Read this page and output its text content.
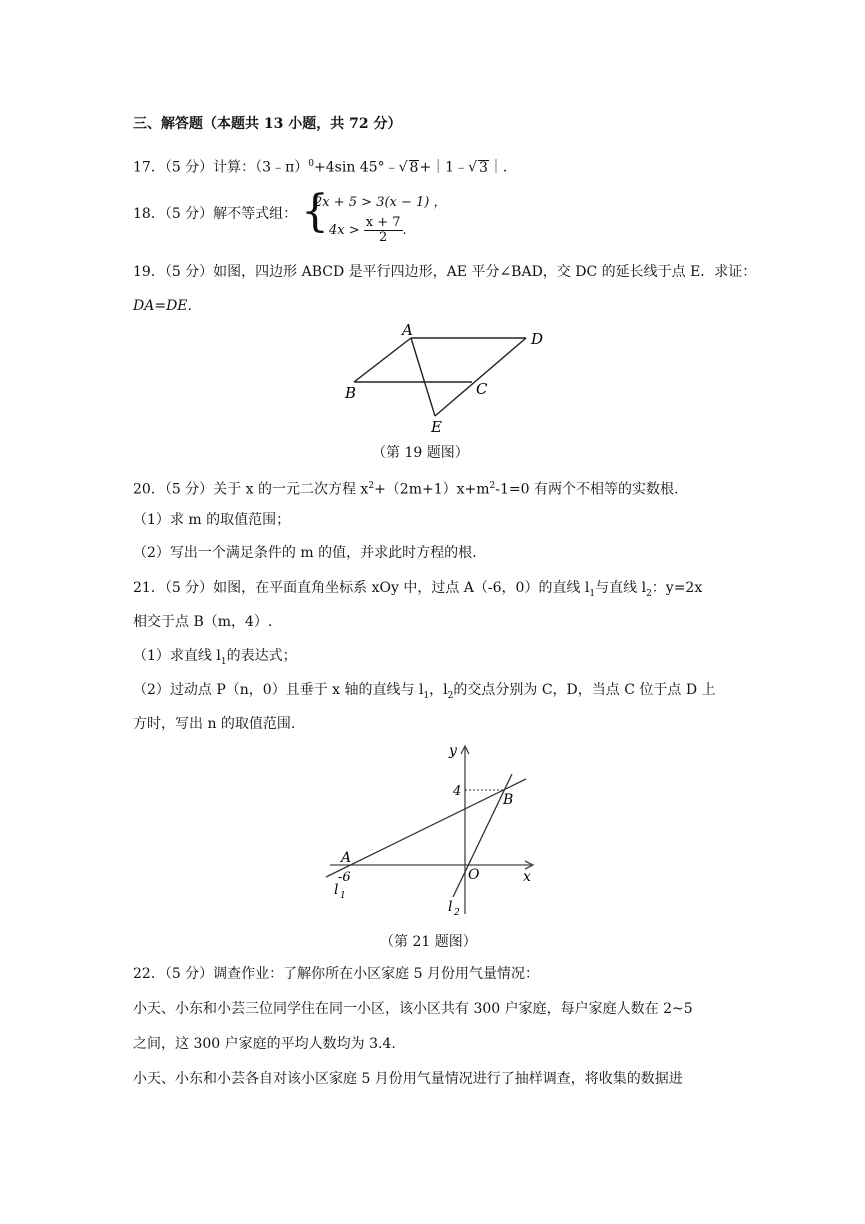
三、解答题（本题共 13 小题，共 72 分）
17．（5 分）计算：（3﹣π）$^0$+4sin 45°﹣√ 8+｜1﹣√ 3｜.
18．（5 分）解不等式组： {
2x + 5 > 3(x − 1) ，
$4x > \frac{x + 7}{2}$ .
19．（5 分）如图，四边形 ABCD 是平行四边形，AE 平分∠BAD，交 DC 的延长线于点 E．求证：
DA=DE.
A
B	C
D
E
（第 19 题图）
20．（5 分）关于 x 的一元二次方程 $x^2+(2m+1)x+m^2-1=0$ 有两个不相等的实数根.
（1）求 m 的取值范围；
（2）写出一个满足条件的 m 的值，并求此时方程的根.
21．（5 分）如图，在平面直角坐标系 xOy 中，过点 A（-6，0）的直线 $l_1$与直线 $l_2$：y=2x
相交于点 B（m，4）.
（1）求直线 $l_1$的表达式；
（2）过动点 P（n，0）且垂于 x 轴的直线与 $l_1$，$l_2$的交点分别为 C，D，当点 C 位于点 D 上
方时，写出 n 的取值范围.
y
x
4
B
A
-6	O
l 1
l 2
（第 21 题图）
22．（5 分）调查作业：了解你所在小区家庭 5 月份用气量情况：
小天、小东和小芸三位同学住在同一小区，该小区共有 300 户家庭，每户家庭人数在 2~5
之间，这 300 户家庭的平均人数均为 3.4.
小天、小东和小芸各自对该小区家庭 5 月份用气量情况进行了抽样调查，将收集的数据进
